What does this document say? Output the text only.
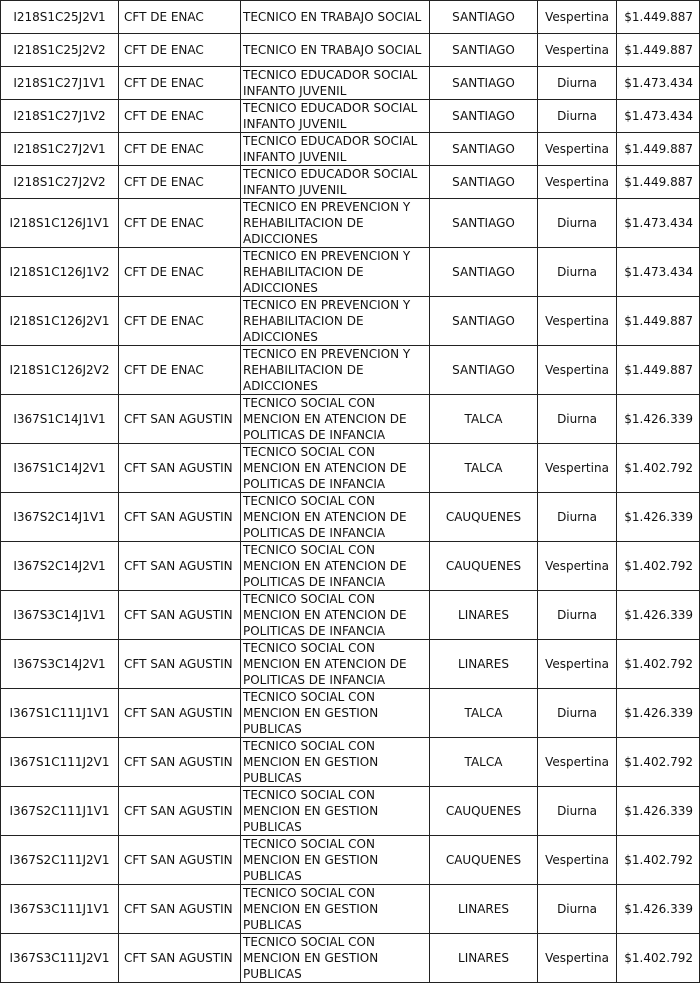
I218S1C25J2V1	CFT DE ENAC	TECNICO EN TRABAJO SOCIAL	SANTIAGO	Vespertina	$1.449.887
I218S1C25J2V2	CFT DE ENAC	TECNICO EN TRABAJO SOCIAL	SANTIAGO	Vespertina	$1.449.887
I218S1C27J1V1	CFT DE ENAC	TECNICO EDUCADOR SOCIAL INFANTO JUVENIL	SANTIAGO	Diurna	$1.473.434
I218S1C27J1V2	CFT DE ENAC	TECNICO EDUCADOR SOCIAL INFANTO JUVENIL	SANTIAGO	Diurna	$1.473.434
I218S1C27J2V1	CFT DE ENAC	TECNICO EDUCADOR SOCIAL INFANTO JUVENIL	SANTIAGO	Vespertina	$1.449.887
I218S1C27J2V2	CFT DE ENAC	TECNICO EDUCADOR SOCIAL INFANTO JUVENIL	SANTIAGO	Vespertina	$1.449.887
I218S1C126J1V1	CFT DE ENAC	TECNICO EN PREVENCION Y REHABILITACION DE ADICCIONES	SANTIAGO	Diurna	$1.473.434
I218S1C126J1V2	CFT DE ENAC	TECNICO EN PREVENCION Y REHABILITACION DE ADICCIONES	SANTIAGO	Diurna	$1.473.434
I218S1C126J2V1	CFT DE ENAC	TECNICO EN PREVENCION Y REHABILITACION DE ADICCIONES	SANTIAGO	Vespertina	$1.449.887
I218S1C126J2V2	CFT DE ENAC	TECNICO EN PREVENCION Y REHABILITACION DE ADICCIONES	SANTIAGO	Vespertina	$1.449.887
I367S1C14J1V1	CFT SAN AGUSTIN	TECNICO SOCIAL CON MENCION EN ATENCION DE POLITICAS DE INFANCIA	TALCA	Diurna	$1.426.339
I367S1C14J2V1	CFT SAN AGUSTIN	TECNICO SOCIAL CON MENCION EN ATENCION DE POLITICAS DE INFANCIA	TALCA	Vespertina	$1.402.792
I367S2C14J1V1	CFT SAN AGUSTIN	TECNICO SOCIAL CON MENCION EN ATENCION DE POLITICAS DE INFANCIA	CAUQUENES	Diurna	$1.426.339
I367S2C14J2V1	CFT SAN AGUSTIN	TECNICO SOCIAL CON MENCION EN ATENCION DE POLITICAS DE INFANCIA	CAUQUENES	Vespertina	$1.402.792
I367S3C14J1V1	CFT SAN AGUSTIN	TECNICO SOCIAL CON MENCION EN ATENCION DE POLITICAS DE INFANCIA	LINARES	Diurna	$1.426.339
I367S3C14J2V1	CFT SAN AGUSTIN	TECNICO SOCIAL CON MENCION EN ATENCION DE POLITICAS DE INFANCIA	LINARES	Vespertina	$1.402.792
I367S1C111J1V1	CFT SAN AGUSTIN	TECNICO SOCIAL CON MENCION EN GESTION PUBLICAS	TALCA	Diurna	$1.426.339
I367S1C111J2V1	CFT SAN AGUSTIN	TECNICO SOCIAL CON MENCION EN GESTION PUBLICAS	TALCA	Vespertina	$1.402.792
I367S2C111J1V1	CFT SAN AGUSTIN	TECNICO SOCIAL CON MENCION EN GESTION PUBLICAS	CAUQUENES	Diurna	$1.426.339
I367S2C111J2V1	CFT SAN AGUSTIN	TECNICO SOCIAL CON MENCION EN GESTION PUBLICAS	CAUQUENES	Vespertina	$1.402.792
I367S3C111J1V1	CFT SAN AGUSTIN	TECNICO SOCIAL CON MENCION EN GESTION PUBLICAS	LINARES	Diurna	$1.426.339
I367S3C111J2V1	CFT SAN AGUSTIN	TECNICO SOCIAL CON MENCION EN GESTION PUBLICAS	LINARES	Vespertina	$1.402.792
